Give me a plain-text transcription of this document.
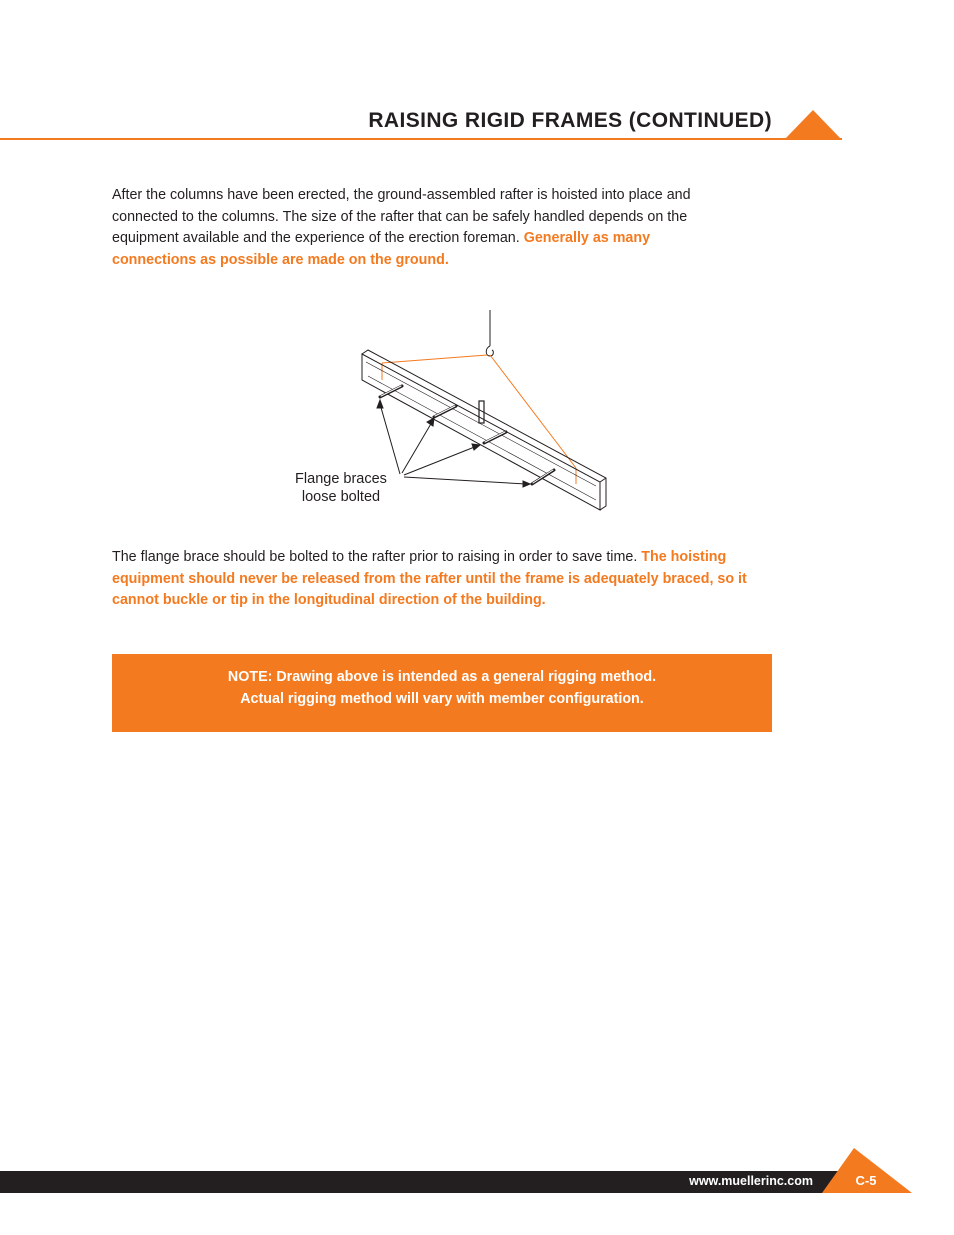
RAISING RIGID FRAMES (CONTINUED)
After the columns have been erected, the ground-assembled rafter is hoisted into place and connected to the columns. The size of the rafter that can be safely handled depends on the equipment available and the experience of the erection foreman. Generally as many connections as possible are made on the ground.
Flange braces
loose bolted
The flange brace should be bolted to the rafter prior to raising in order to save time. The hoisting equipment should never be released from the rafter until the frame is adequately braced, so it cannot buckle or tip in the longitudinal direction of the building.
NOTE: Drawing above is intended as a general rigging method.
Actual rigging method will vary with member configuration.
www.muellerinc.com	C-5
